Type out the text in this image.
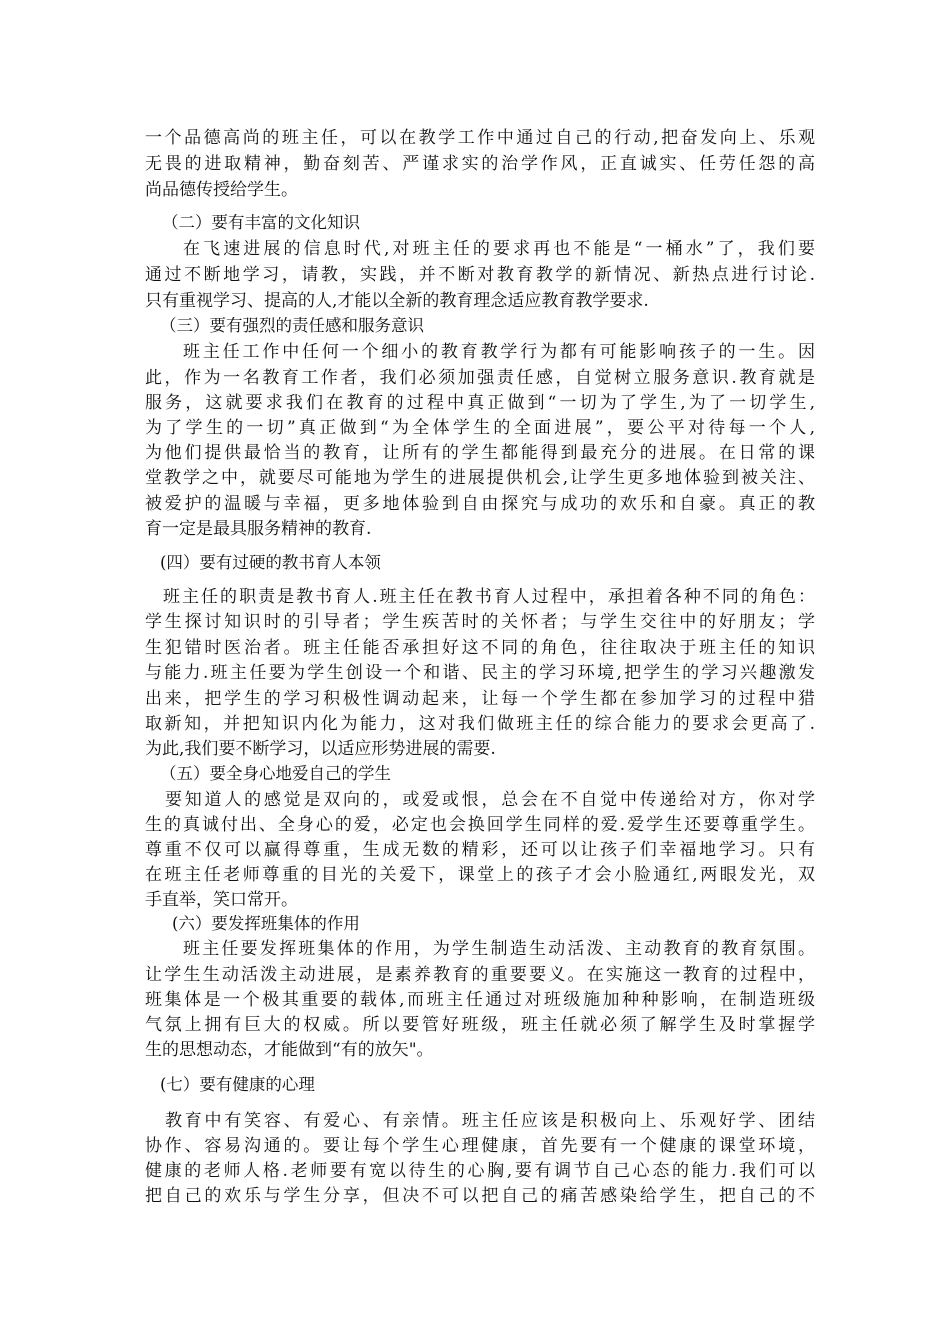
一个品德高尚的班主任，可以在教学工作中通过自己的行动,把奋发向上、乐观
无畏的进取精神，勤奋刻苦、严谨求实的治学作风，正直诚实、任劳任怨的高
尚品德传授给学生。
（二）要有丰富的文化知识
在飞速进展的信息时代,对班主任的要求再也不能是“一桶水”了，我们要
通过不断地学习，请教，实践，并不断对教育教学的新情况、新热点进行讨论.
只有重视学习、提高的人,才能以全新的教育理念适应教育教学要求.
（三）要有强烈的责任感和服务意识
班主任工作中任何一个细小的教育教学行为都有可能影响孩子的一生。因
此，作为一名教育工作者，我们必须加强责任感，自觉树立服务意识.教育就是
服务，这就要求我们在教育的过程中真正做到“一切为了学生,为了一切学生,
为了学生的一切”真正做到“为全体学生的全面进展”，要公平对待每一个人,
为他们提供最恰当的教育，让所有的学生都能得到最充分的进展。在日常的课
堂教学之中，就要尽可能地为学生的进展提供机会,让学生更多地体验到被关注、
被爱护的温暖与幸福，更多地体验到自由探究与成功的欢乐和自豪。真正的教
育一定是最具服务精神的教育.
(四）要有过硬的教书育人本领
班主任的职责是教书育人.班主任在教书育人过程中，承担着各种不同的角色：
学生探讨知识时的引导者；学生疾苦时的关怀者；与学生交往中的好朋友；学
生犯错时医治者。班主任能否承担好这不同的角色，往往取决于班主任的知识
与能力.班主任要为学生创设一个和谐、民主的学习环境,把学生的学习兴趣激发
出来，把学生的学习积极性调动起来，让每一个学生都在参加学习的过程中猎
取新知，并把知识内化为能力，这对我们做班主任的综合能力的要求会更高了.
为此,我们要不断学习，以适应形势进展的需要.
（五）要全身心地爱自己的学生
要知道人的感觉是双向的，或爱或恨，总会在不自觉中传递给对方，你对学
生的真诚付出、全身心的爱，必定也会换回学生同样的爱.爱学生还要尊重学生。
尊重不仅可以赢得尊重，生成无数的精彩，还可以让孩子们幸福地学习。只有
在班主任老师尊重的目光的关爱下，课堂上的孩子才会小脸通红,两眼发光，双
手直举，笑口常开。
(六）要发挥班集体的作用
班主任要发挥班集体的作用，为学生制造生动活泼、主动教育的教育氛围。
让学生生动活泼主动进展，是素养教育的重要要义。在实施这一教育的过程中，
班集体是一个极其重要的载体,而班主任通过对班级施加种种影响，在制造班级
气氛上拥有巨大的权威。所以要管好班级，班主任就必须了解学生及时掌握学
生的思想动态，才能做到“有的放矢"。
(七）要有健康的心理
教育中有笑容、有爱心、有亲情。班主任应该是积极向上、乐观好学、团结
协作、容易沟通的。要让每个学生心理健康，首先要有一个健康的课堂环境，
健康的老师人格.老师要有宽以待生的心胸,要有调节自己心态的能力.我们可以
把自己的欢乐与学生分享，但决不可以把自己的痛苦感染给学生，把自己的不
